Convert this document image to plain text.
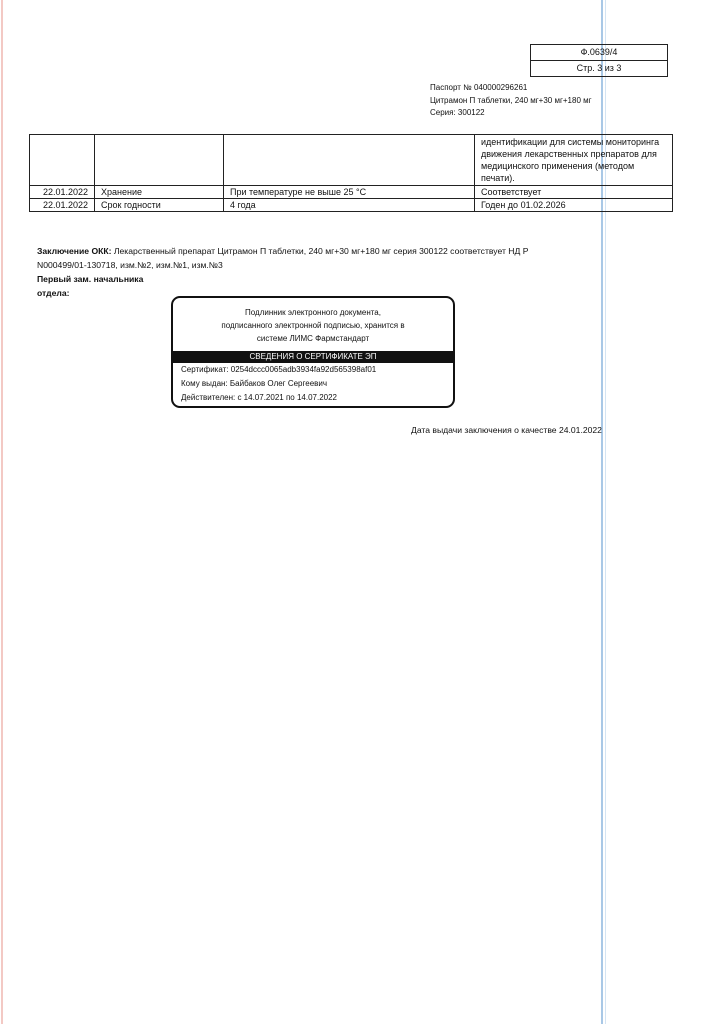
Ф.0639/4
Стр. 3 из 3
Паспорт № 040000296261
Цитрамон П таблетки, 240 мг+30 мг+180 мг
Серия: 300122
			идентификации для системы мониторинга движения лекарственных препаратов для медицинского применения (методом печати).
22.01.2022	Хранение	При температуре не выше 25 °С	Соответствует
22.01.2022	Срок годности	4 года	Годен до 01.02.2026
Заключение ОКК: Лекарственный препарат Цитрамон П таблетки, 240 мг+30 мг+180 мг серия 300122 соответствует НД Р N000499/01-130718, изм.№2, изм.№1, изм.№3
Первый зам. начальника
отдела:
Подлинник электронного документа,
подписанного электронной подписью, хранится в
системе ЛИМС Фармстандарт
СВЕДЕНИЯ О СЕРТИФИКАТЕ ЭП
Сертификат: 0254dccc0065adb3934fa92d565398af01
Кому выдан: Байбаков Олег Сергеевич
Действителен: с 14.07.2021 по 14.07.2022
Дата выдачи заключения о качестве 24.01.2022
